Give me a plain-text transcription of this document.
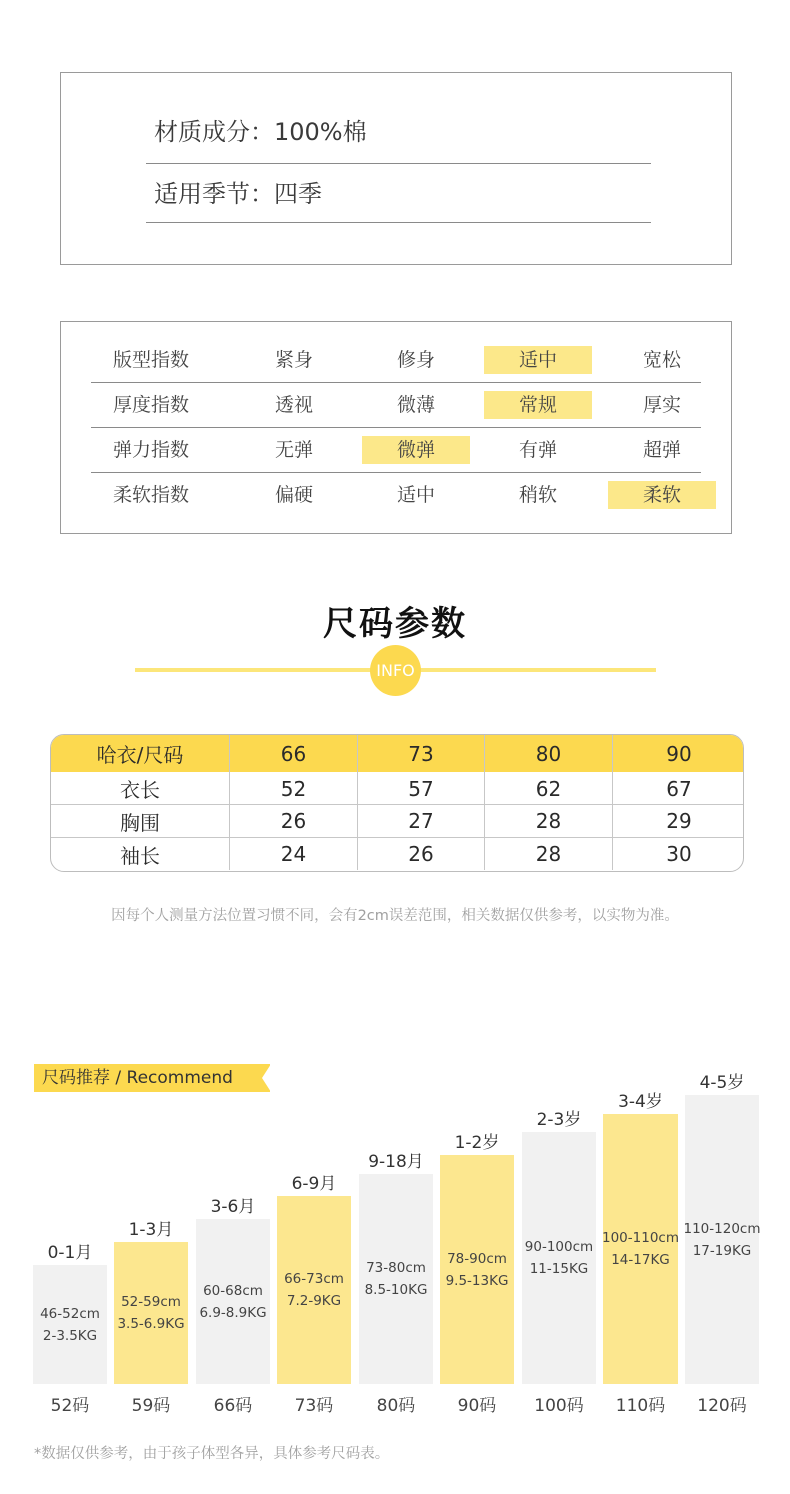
材质成分：100%棉
适用季节：四季
版型指数	紧身	修身	适中	宽松
厚度指数	透视	微薄	常规	厚实
弹力指数	无弹	微弹	有弹	超弹
柔软指数	偏硬	适中	稍软	柔软
尺码参数
INFO
哈衣/尺码	66	73	80	90
衣长	52	57	62	67
胸围	26	27	28	29
袖长	24	26	28	30
因每个人测量方法位置习惯不同，会有2cm误差范围，相关数据仅供参考，以实物为准。
尺码推荐 / Recommend
0-1月
46-52cm
2-3.5KG
52码
1-3月
52-59cm
3.5-6.9KG
59码
3-6月
60-68cm
6.9-8.9KG
66码
6-9月
66-73cm
7.2-9KG
73码
9-18月
73-80cm
8.5-10KG
80码
1-2岁
78-90cm
9.5-13KG
90码
2-3岁
90-100cm
11-15KG
100码
3-4岁
100-110cm
14-17KG
110码
4-5岁
110-120cm
17-19KG
120码
*数据仅供参考，由于孩子体型各异，具体参考尺码表。
